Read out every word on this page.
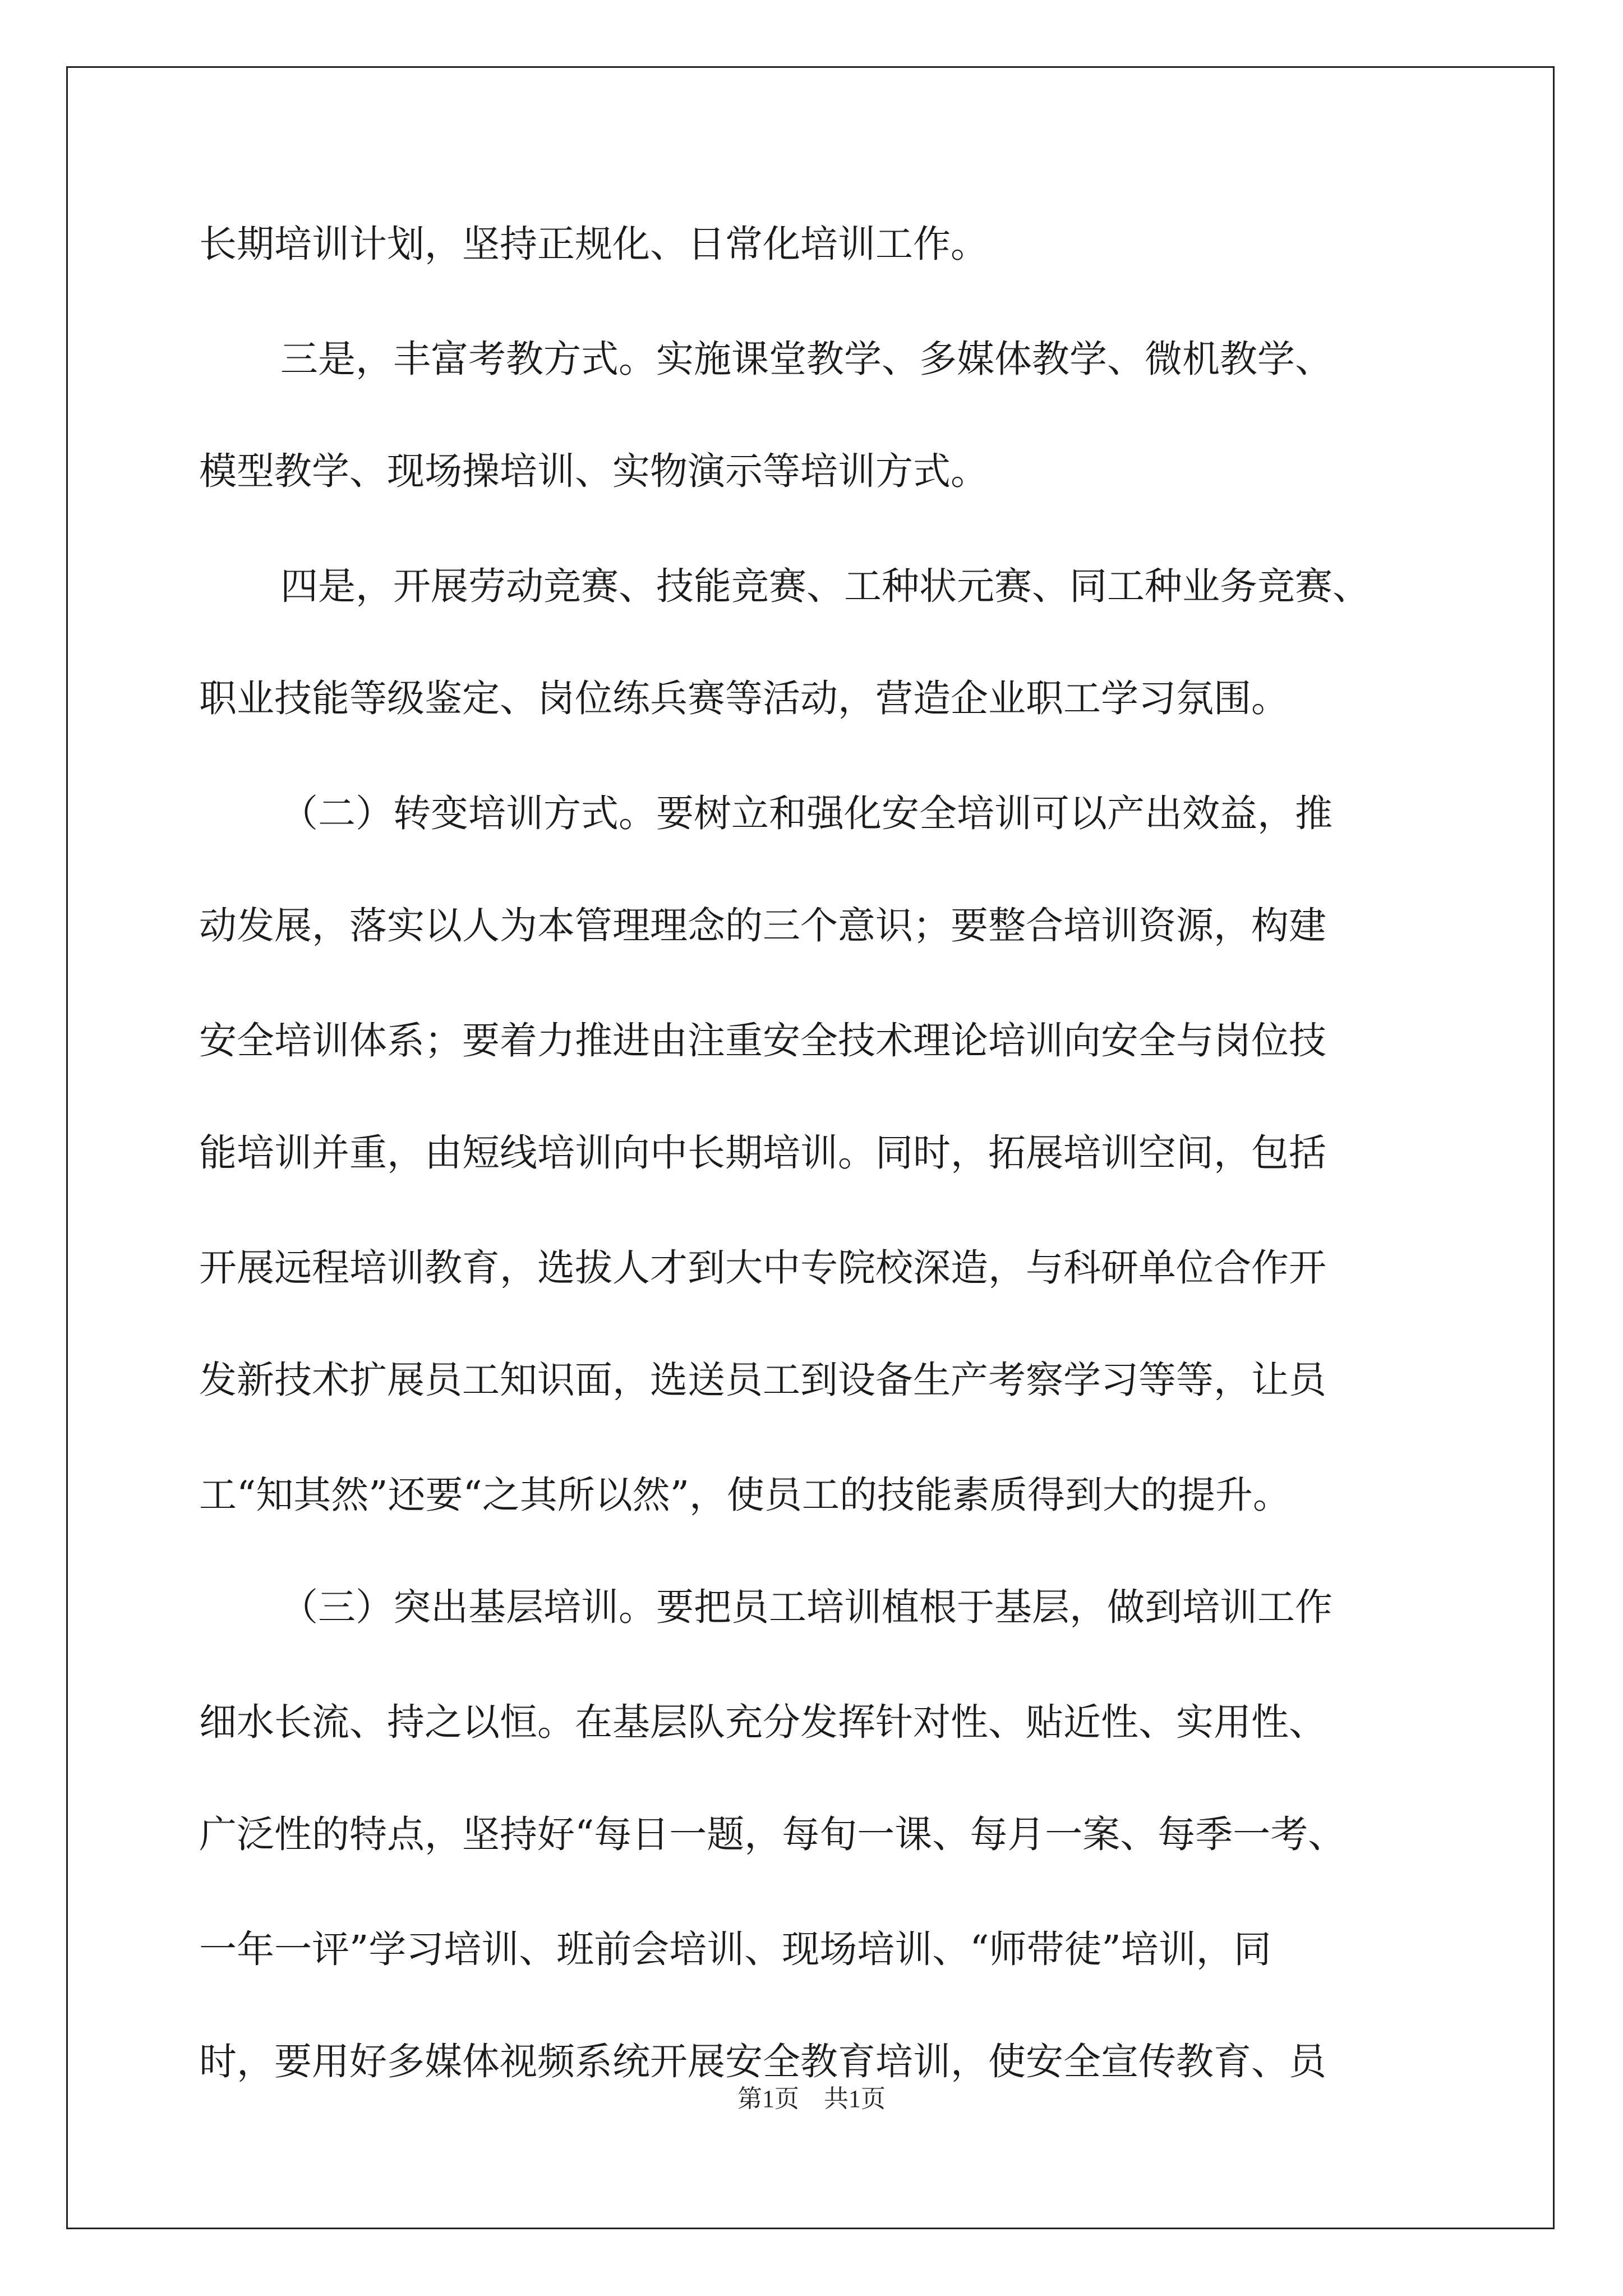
长期培训计划，坚持正规化、日常化培训工作。
三是，丰富考教方式。实施课堂教学、多媒体教学、微机教学、
模型教学、现场操培训、实物演示等培训方式。
四是，开展劳动竞赛、技能竞赛、工种状元赛、同工种业务竞赛、
职业技能等级鉴定、岗位练兵赛等活动，营造企业职工学习氛围。
（二）转变培训方式。要树立和强化安全培训可以产出效益，推
动发展，落实以人为本管理理念的三个意识；要整合培训资源，构建
安全培训体系；要着力推进由注重安全技术理论培训向安全与岗位技
能培训并重，由短线培训向中长期培训。同时，拓展培训空间，包括
开展远程培训教育，选拔人才到大中专院校深造，与科研单位合作开
发新技术扩展员工知识面，选送员工到设备生产考察学习等等，让员
工“知其然”还要“之其所以然”，使员工的技能素质得到大的提升。
（三）突出基层培训。要把员工培训植根于基层，做到培训工作
细水长流、持之以恒。在基层队充分发挥针对性、贴近性、实用性、
广泛性的特点，坚持好“每日一题，每旬一课、每月一案、每季一考、
一年一评”学习培训、班前会培训、现场培训、“师带徒”培训，同
时，要用好多媒体视频系统开展安全教育培训，使安全宣传教育、员
第1页　共1页
